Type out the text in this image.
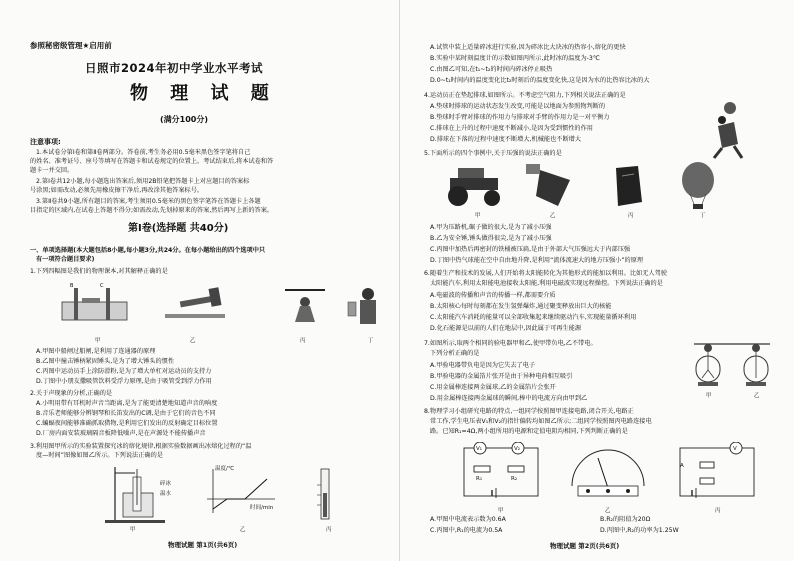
参照秘密级管理★启用前
日照市2024年初中学业水平考试
物 理 试 题
(满分100分)
注意事项:
1.本试卷分第Ⅰ卷和第Ⅱ卷两部分。答卷前,考生务必用0.5毫米黑色签字笔将自己
的姓名、准考证号、座号等填写在答题卡和试卷规定的位置上。考试结束后,将本试卷和答
题卡一并交回。
2.第Ⅰ卷共12小题,每小题选出答案后,须用2B铅笔把答题卡上对应题目的答案标
号涂黑;如需改动,必须先用橡皮擦干净后,再改涂其他答案标号。
3.第Ⅱ卷共9小题,所有题目的答案,考生须用0.5毫米的黑色签字笔答在答题卡上各题
目指定的区域内,在试卷上答题不得分;如需改动,先划掉原来的答案,然后再写上新的答案。
第Ⅰ卷(选择题 共40分)
一、单项选择题(本大题包括8小题,每小题3分,共24分。在每小题给出的四个选项中只
有一项符合题目要求)
1.下列四幅图是我们的物理课本,对其解释正确的是
B	C
甲	乙	丙	丁
A.甲图中船闸过船闸,是利用了连通器的原理
B.乙图中撞击锤柄紧固锤头,是为了增大锤头的惯性
C.丙图中运动员手上涂防滑粉,是为了增大单杠对运动员的支持力
D.丁图中小朋友撒吸管饮料受浮力原理,是由于吸管受到浮力作用
2.关于声现象的分析,正确的是
A.小明用带有耳机时声音当距离,是为了能更清楚地知道声音的响度
B.音乐老师能够分辨钢琴和长笛发出的C调,是由于它们的音色不同
C.蝙蝠夜间能够准确抓取猎物,是利用它们发出的反射确定目标位置
D.厂房内面安装玻璃隔音板降低噪声,是在声源处不能传播声音
3.利用图甲所示的实验装置探究冰的熔化规律,根据实验数据画出冰熔化过程的“温
度—时间”图像如图乙所示。下列说法正确的是
碎冰
温水
温度/℃
时间/min
甲	乙	丙
物理试题 第1页(共6页)
A.试管中装上适量碎冰进行实验,因为碎冰比大块冰的热容小,熔化的更快
B.实验中某时刻温度计的示数如图丙所示,此时冰的温度为-3℃
C.由图乙可知,在t₁~t₂的时间内碎冰停止吸热
D.0~t₁时间内的温度变化比t₂时刻后的温度变化快,这是因为水的比热容比冰的大
4.运动员正在垫起排球,如图所示。不考虑空气阻力,下列相关说法正确的是
A.垫球时排球的运动状态发生改变,可能是以地面为参照物判断的
B.垫球时手臂对排球的作用力与排球对手臂的作用力是一对平衡力
C.排球在上升的过程中速度不断减小,是因为受到惯性的作用
D.排球在下落的过程中速度不断增大,机械能也不断增大
5.下面所示的四个事例中,关于压强的说法正确的是
甲	乙	丙	丁
A.甲为压路机,碾子做的很大,是为了减小压强
B.乙为安全锤,锤头做得很尖,是为了减小压强
C.丙图中加热后再密封的铁桶被压扁,是由于外部大气压强远大于内部压强
D.丁图中热气球能在空中自由地升降,是利用“流体流速大的地方压强小”的原理
6.随着生产和技术的发展,人们开始将太阳能转化为其他形式的能加以利用。比如无人驾驶
太阳能汽车,利用太阳能电池接收太阳能,利用电磁波实现远程操控。下列说法正确的是
A.电磁波的传播和声音的传播一样,都需要介质
B.太阳核心每时每刻都在发生氢弹爆炸,通过聚变释放出巨大的核能
C.太阳能汽车消耗的能量可以全部收集起来继续驱动汽车,实现能量循环利用
D.化石能源是以前的人们在地层中,因此属于可再生能源
7.如图所示,取两个相同的验电器甲和乙,使甲带负电,乙不带电。
下列分析正确的是
A.甲验电器带负电是因为它失去了电子
B.甲验电器的金属箔片张开是由于异种电荷相互吸引
C.用金属棒连接两金属球,乙的金属箔片会张开
D.用金属棒连接两金属球的瞬间,棒中的电流方向由甲到乙	甲	乙
8.物理学习小组研究电路的特点,一组同学按照图甲连接电路,闭合开关,电路正
常工作,学生电压表V₁和V₂的指针偏转均如图乙所示;二组同学按照图丙电路连接电
路。已知R₁=4Ω,两小组所用的电源和定值电阻均相同,下列判断正确的是
V₁	V₂
R₁	R₂
V
A
甲	乙	丙
A.甲图中电流表示数为0.6A	B.R₂的阻值为20Ω
C.丙图中,R₁的电流为0.5A	D.丙图中,R₂的功率为1.25W
物理试题 第2页(共6页)
